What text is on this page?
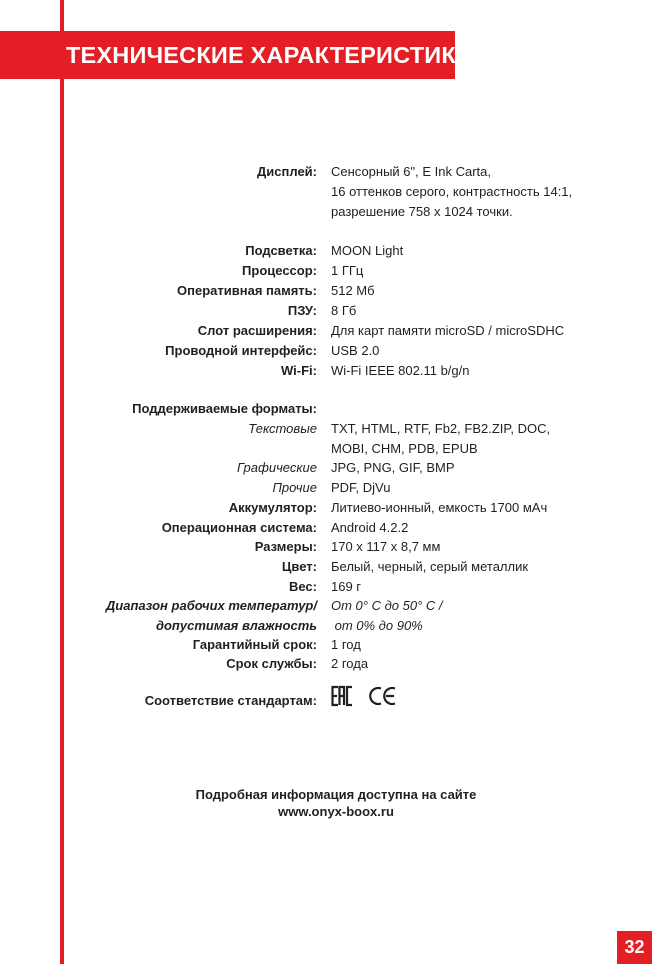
ТЕХНИЧЕСКИЕ ХАРАКТЕРИСТИКИ
Дисплей: Сенсорный 6", E Ink Carta,
16 оттенков серого, контрастность 14:1,
разрешение 758 х 1024 точки.
Подсветка: MOON Light
Процессор: 1 ГГц
Оперативная память: 512 Мб
ПЗУ: 8 Гб
Слот расширения: Для карт памяти microSD / microSDHC
Проводной интерфейс: USB 2.0
Wi-Fi: Wi-Fi IEEE 802.11 b/g/n
Поддерживаемые форматы:
Текстовые TXT, HTML, RTF, Fb2, FB2.ZIP, DOC,
MOBI, CHM, PDB, EPUB
Графические JPG, PNG, GIF, BMP
Прочие PDF, DjVu
Аккумулятор: Литиево-ионный, емкость 1700 мАч
Операционная система: Android 4.2.2
Размеры: 170 х 117 х 8,7 мм
Цвет: Белый, черный, серый металлик
Вес: 169 г
Диапазон рабочих температур/ От 0° С до 50° С /
допустимая влажность от 0% до 90%
Гарантийный срок: 1 год
Срок службы: 2 года
Соответствие стандартам:
Подробная информация доступна на сайте
www.onyx-boox.ru
32
